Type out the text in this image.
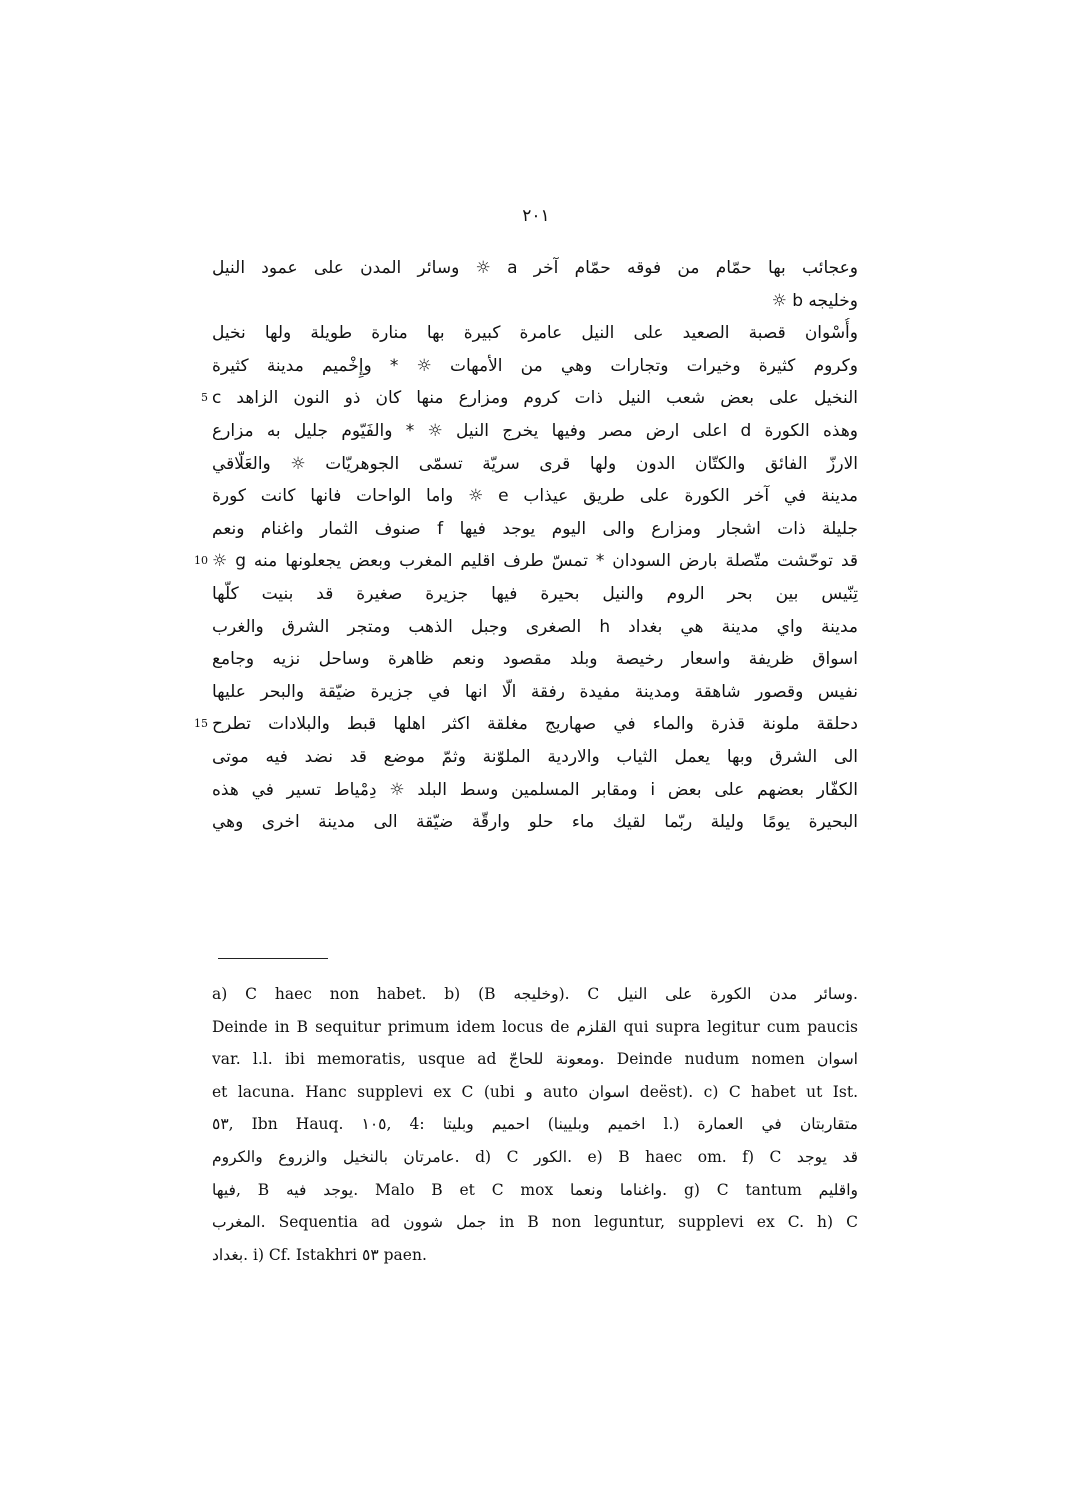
٢٠١
وعجائب بها حمّام من فوقه حمّام آخر a ☼ وسائر المدن على عمود النيل
وخليجه b ☼
وأُسْوان قصبة الصعيد على النيل عامرة كبيرة بها منارة طويلة ولها نخيل
وكروم كثيرة وخيرات وتجارات وهي من الأمهات ☼ * وإِخْميم مدينة كثيرة
النخيل على بعض شعب النيل ذات كروم ومزارع منها كان ذو النون الزاهد c
5
وهذه الكورة d اعلى ارض مصر وفيها يخرج النيل ☼ * والفَيّوم جليل به مزارع
الارزّ الفائق والكتّان الدون ولها قرى سريّة تسمّى الجوهريّات ☼ والعَلّاقي
مدينة في آخر الكورة على طريق عيذاب e ☼ واما الواحات فانها كانت كورة
جليلة ذات اشجار ومزارع والى اليوم يوجد فيها f صنوف الثمار واغنام ونعم
قد توحّشت متّصلة بارض السودان * تمسّ طرف اقليم المغرب وبعض يجعلونها منه g ☼
10
تِنّيس بين بحر الروم والنيل بحيرة فيها جزيرة صغيرة قد بنيت كلّها
مدينة واي مدينة هي بغداد h الصغرى وجبل الذهب ومتجر الشرق والغرب
اسواق ظريفة واسعار رخيصة وبلد مقصود ونعم ظاهرة وساحل نزيه وجامع
نفيس وقصور شاهقة ومدينة مفيدة رفقة الّا انها في جزيرة ضيّقة والبحر عليها
دحلقة ملونة قذرة والماء في صهاريج مغلقة اكثر اهلها قبط والبلادات تطرح
15
الى الشرق وبها يعمل الثياب والاردية الملوّنة وثمّ موضع قد نضد فيه موتى
الكفّار بعضهم على بعض i ومقابر المسلمين وسط البلد ☼ دِمْياط تسير في هذه
البحيرة يومًا وليلة ربّما لقيك ماء حلو وارقّة ضيّقة الى مدينة اخرى وهي
a) C haec non habet. b) (B وخليجه). C وسائر مدن الكورة على النيل.
Deinde in B sequitur primum idem locus de القلزم qui supra legitur cum paucis
var. l.l. ibi memoratis, usque ad ومعونة للحاجّ. Deinde nudum nomen اسوان
et lacuna. Hanc supplevi ex C (ubi و auto اسوان deëst). c) C habet ut Ist.
٥٣, Ibn Hauq. ١٠٥, 4: احميم وبليتا (اخميم وبليينا l.) متقاربتان في العمارة
عامرتان بالنخيل والزروع والكروم. d) C الكور. e) B haec om. f) C قد يوجد
فيها, B يوجد فيه. Malo B et C mox واغناما ونعما. g) C tantum واقليم
المغرب. Sequentia ad جمل شوون in B non leguntur, supplevi ex C. h) C
بغداد. i) Cf. Istakhri ٥٣ paen.
